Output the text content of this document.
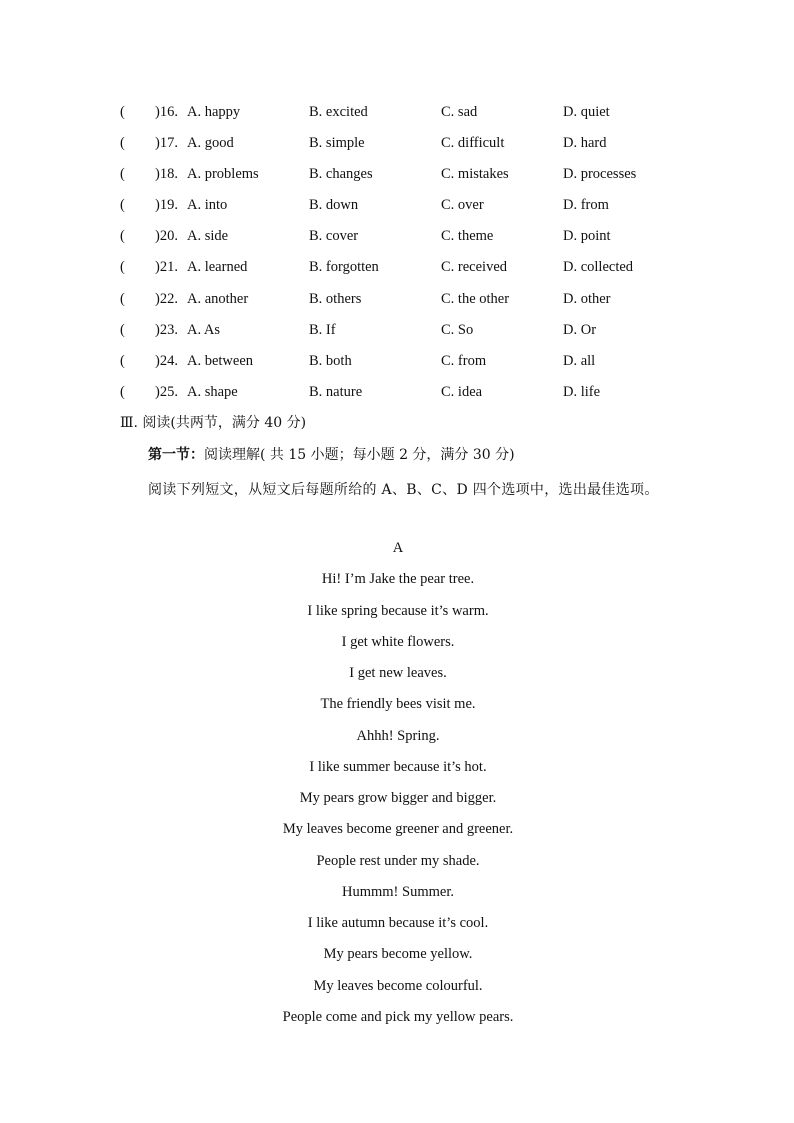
( )16. A. happy	B. excited	C. sad	D. quiet
( )17. A. good	B. simple	C. difficult	D. hard
( )18. A. problems	B. changes	C. mistakes	D. processes
( )19. A. into	B. down	C. over	D. from
( )20. A. side	B. cover	C. theme	D. point
( )21. A. learned	B. forgotten	C. received	D. collected
( )22. A. another	B. others	C. the other	D. other
( )23. A. As	B. If	C. So	D. Or
( )24. A. between	B. both	C. from	D. all
( )25. A. shape	B. nature	C. idea	D. life
Ⅲ. 阅读(共两节，满分 40 分)
第一节：阅读理解( 共 15 小题；每小题 2 分，满分 30 分)
阅读下列短文，从短文后每题所给的 A、B、C、D 四个选项中，选出最佳选项。
A
Hi! I’m Jake the pear tree.
I like spring because it’s warm.
I get white flowers.
I get new leaves.
The friendly bees visit me.
Ahhh! Spring.
I like summer because it’s hot.
My pears grow bigger and bigger.
My leaves become greener and greener.
People rest under my shade.
Hummm! Summer.
I like autumn because it’s cool.
My pears become yellow.
My leaves become colourful.
People come and pick my yellow pears.
